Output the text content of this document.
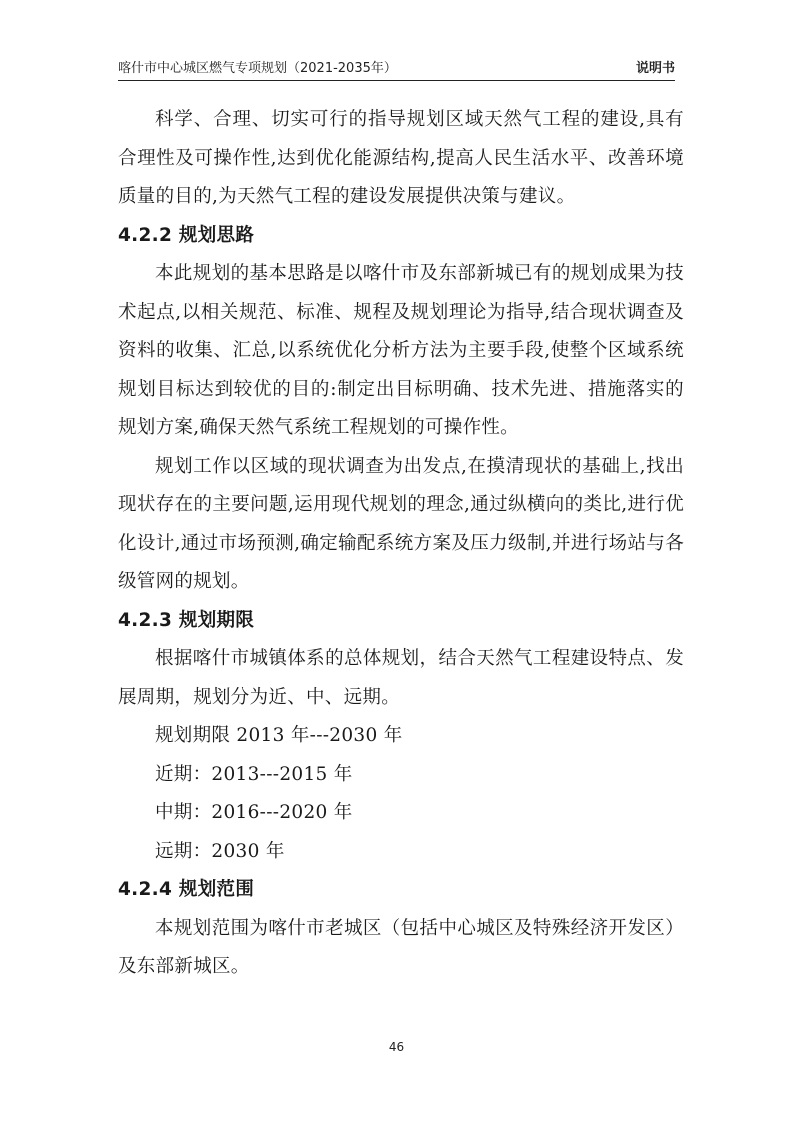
喀什市中心城区燃气专项规划（2021-2035年）	说明书

科学、合理、切实可行的指导规划区域天然气工程的建设,具有合理性及可操作性,达到优化能源结构,提高人民生活水平、改善环境质量的目的,为天然气工程的建设发展提供决策与建议。

4.2.2 规划思路

本此规划的基本思路是以喀什市及东部新城已有的规划成果为技术起点,以相关规范、标准、规程及规划理论为指导,结合现状调查及资料的收集、汇总,以系统优化分析方法为主要手段,使整个区域系统规划目标达到较优的目的:制定出目标明确、技术先进、措施落实的规划方案,确保天然气系统工程规划的可操作性。

规划工作以区域的现状调查为出发点,在摸清现状的基础上,找出现状存在的主要问题,运用现代规划的理念,通过纵横向的类比,进行优化设计,通过市场预测,确定输配系统方案及压力级制,并进行场站与各级管网的规划。

4.2.3 规划期限

根据喀什市城镇体系的总体规划，结合天然气工程建设特点、发展周期，规划分为近、中、远期。

规划期限 2013 年---2030 年

近期：2013---2015 年

中期：2016---2020 年

远期：2030 年

4.2.4 规划范围

本规划范围为喀什市老城区（包括中心城区及特殊经济开发区）及东部新城区。

46
